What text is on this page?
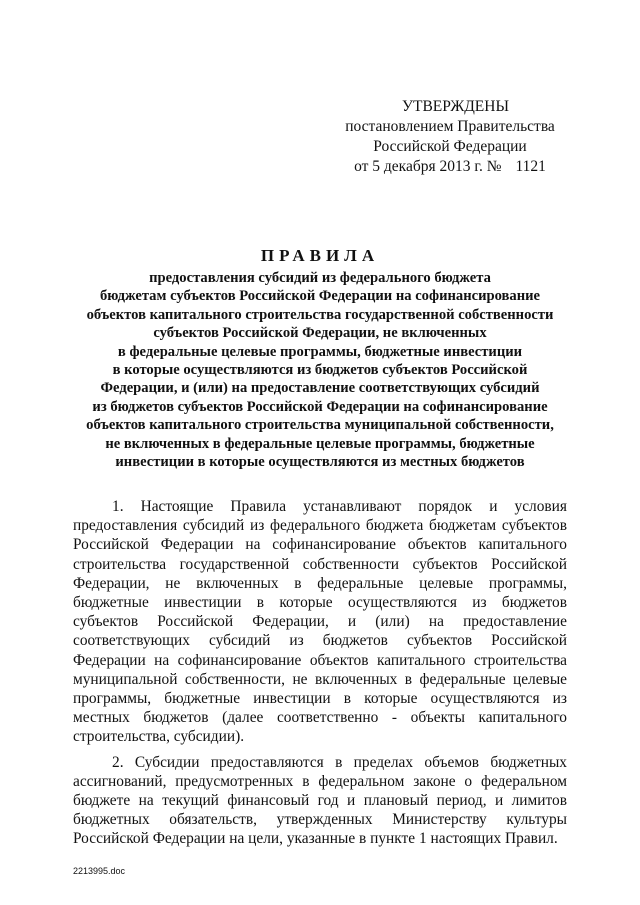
УТВЕРЖДЕНЫ
постановлением Правительства
Российской Федерации
от 5 декабря 2013 г. № 1121
ПРАВИЛА
предоставления субсидий из федерального бюджета
бюджетам субъектов Российской Федерации на софинансирование
объектов капитального строительства государственной собственности
субъектов Российской Федерации, не включенных
в федеральные целевые программы, бюджетные инвестиции
в которые осуществляются из бюджетов субъектов Российской
Федерации, и (или) на предоставление соответствующих субсидий
из бюджетов субъектов Российской Федерации на софинансирование
объектов капитального строительства муниципальной собственности,
не включенных в федеральные целевые программы, бюджетные
инвестиции в которые осуществляются из местных бюджетов

1. Настоящие Правила устанавливают порядок и условия предоставления субсидий из федерального бюджета бюджетам субъектов Российской Федерации на софинансирование объектов капитального строительства государственной собственности субъектов Российской Федерации, не включенных в федеральные целевые программы, бюджетные инвестиции в которые осуществляются из бюджетов субъектов Российской Федерации, и (или) на предоставление соответствующих субсидий из бюджетов субъектов Российской Федерации на софинансирование объектов капитального строительства муниципальной собственности, не включенных в федеральные целевые программы, бюджетные инвестиции в которые осуществляются из местных бюджетов (далее соответственно - объекты капитального строительства, субсидии).

2. Субсидии предоставляются в пределах объемов бюджетных ассигнований, предусмотренных в федеральном законе о федеральном бюджете на текущий финансовый год и плановый период, и лимитов бюджетных обязательств, утвержденных Министерству культуры Российской Федерации на цели, указанные в пункте 1 настоящих Правил.

2213995.doc
